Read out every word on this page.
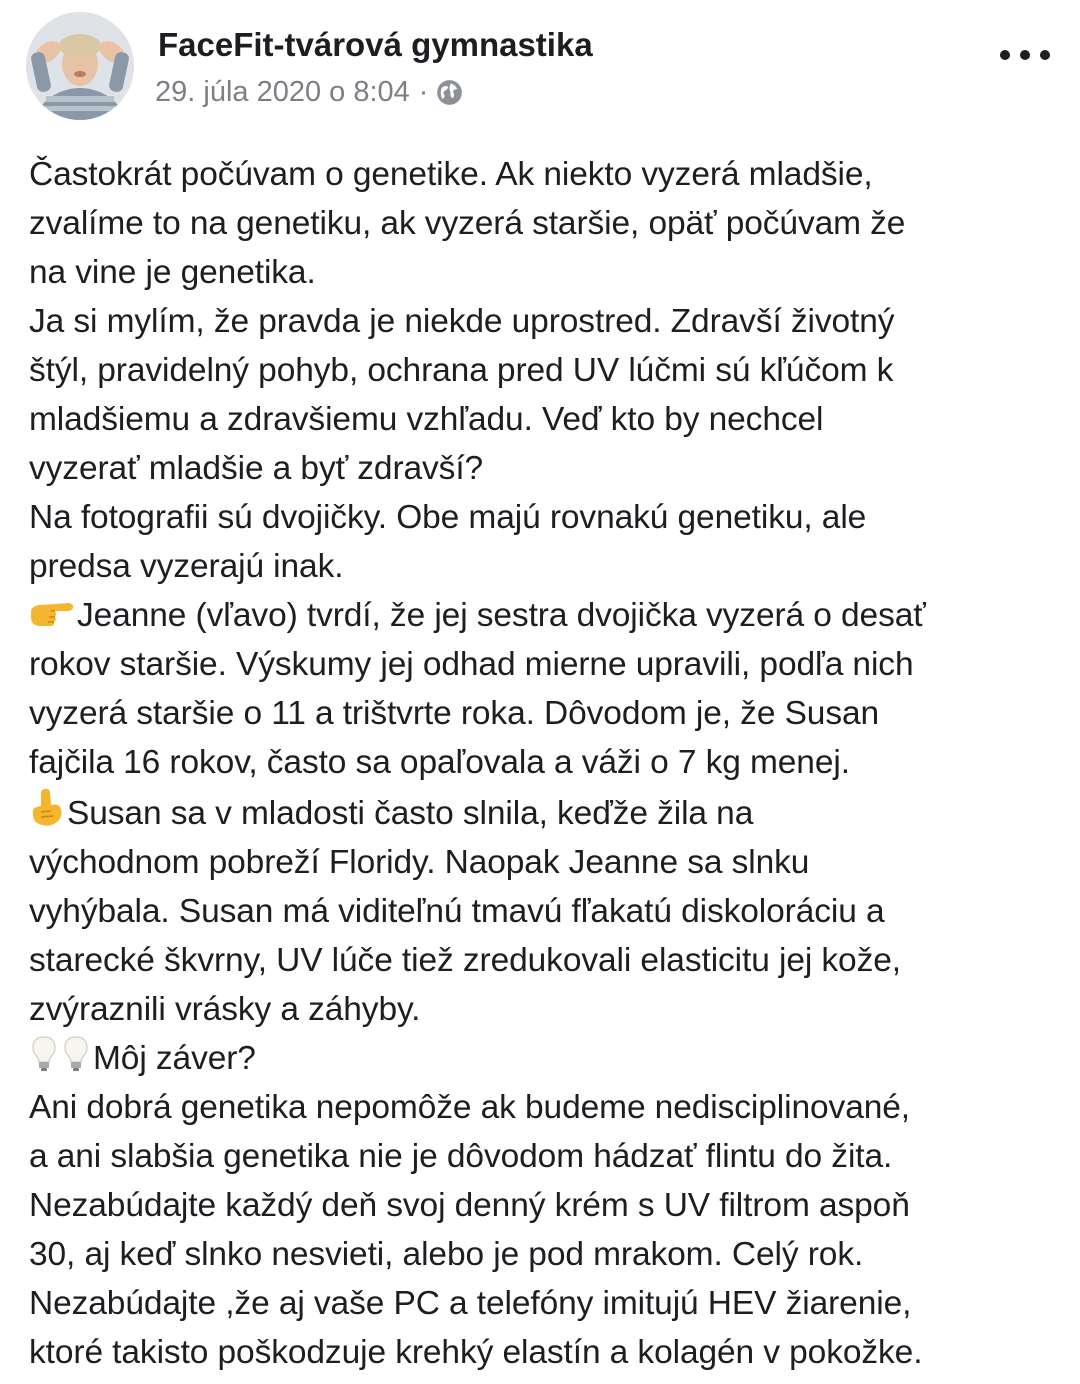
FaceFit-tvárová gymnastika
29. júla 2020 o 8:04 ·
Častokrát počúvam o genetike. Ak niekto vyzerá mladšie,
zvalíme to na genetiku, ak vyzerá staršie, opäť počúvam že
na vine je genetika.
Ja si mylím, že pravda je niekde uprostred. Zdravší životný
štýl, pravidelný pohyb, ochrana pred UV lúčmi sú kľúčom k
mladšiemu a zdravšiemu vzhľadu. Veď kto by nechcel
vyzerať mladšie a byť zdravší?
Na fotografii sú dvojičky. Obe majú rovnakú genetiku, ale
predsa vyzerajú inak.
Jeanne (vľavo) tvrdí, že jej sestra dvojička vyzerá o desať
rokov staršie. Výskumy jej odhad mierne upravili, podľa nich
vyzerá staršie o 11 a trištvrte roka. Dôvodom je, že Susan
fajčila 16 rokov, často sa opaľovala a váži o 7 kg menej.
Susan sa v mladosti často slnila, keďže žila na
východnom pobreží Floridy. Naopak Jeanne sa slnku
vyhýbala. Susan má viditeľnú tmavú fľakatú diskoloráciu a
starecké škvrny, UV lúče tiež zredukovali elasticitu jej kože,
zvýraznili vrásky a záhyby.
Môj záver?
Ani dobrá genetika nepomôže ak budeme nedisciplinované,
a ani slabšia genetika nie je dôvodom hádzať flintu do žita.
Nezabúdajte každý deň svoj denný krém s UV filtrom aspoň
30, aj keď slnko nesvieti, alebo je pod mrakom. Celý rok.
Nezabúdajte ,že aj vaše PC a telefóny imitujú HEV žiarenie,
ktoré takisto poškodzuje krehký elastín a kolagén v pokožke.
